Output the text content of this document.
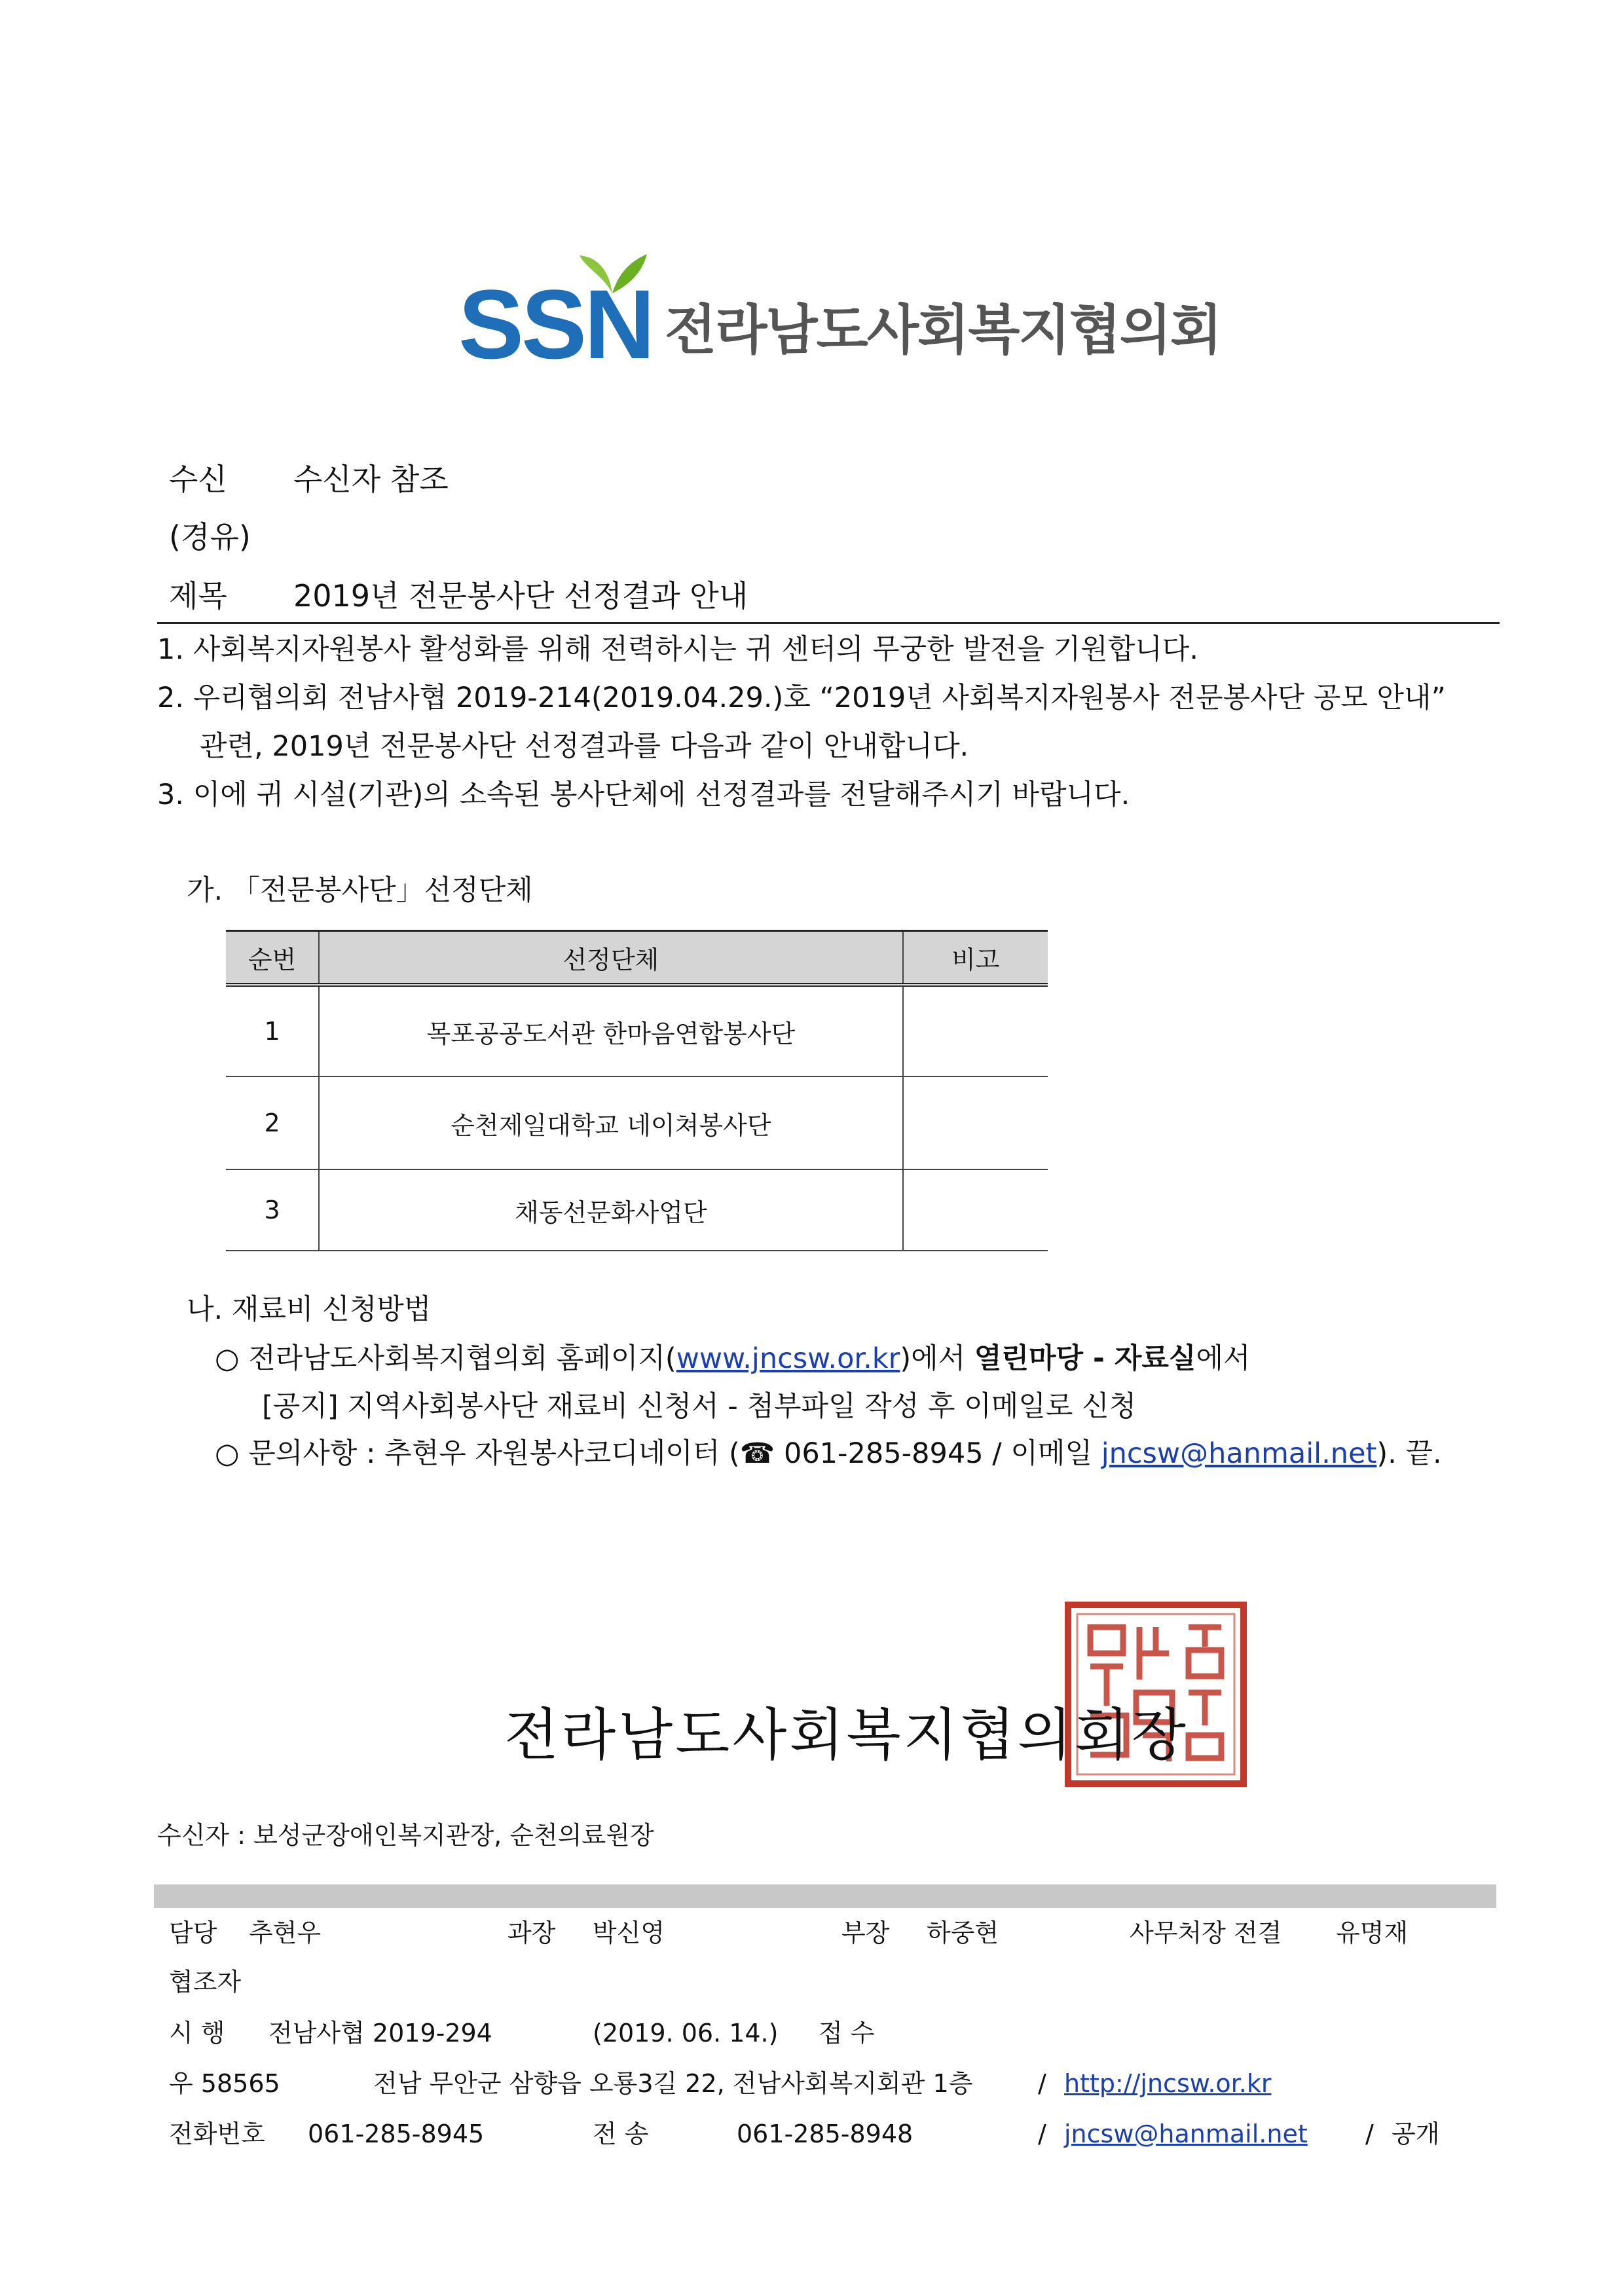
SSN 전라남도사회복지협의회
수신 수신자 참조
(경유)
제목 2019년 전문봉사단 선정결과 안내
1. 사회복지자원봉사 활성화를 위해 전력하시는 귀 센터의 무궁한 발전을 기원합니다.
2. 우리협의회 전남사협 2019-214(2019.04.29.)호 “2019년 사회복지자원봉사 전문봉사단 공모 안내”
관련, 2019년 전문봉사단 선정결과를 다음과 같이 안내합니다.
3. 이에 귀 시설(기관)의 소속된 봉사단체에 선정결과를 전달해주시기 바랍니다.
가. 「전문봉사단」선정단체
순번	선정단체	비고
1	목포공공도서관 한마음연합봉사단	
2	순천제일대학교 네이쳐봉사단	
3	채동선문화사업단	
나. 재료비 신청방법
○ 전라남도사회복지협의회 홈페이지(www.jncsw.or.kr)에서 열린마당 - 자료실에서
[공지] 지역사회봉사단 재료비 신청서 - 첨부파일 작성 후 이메일로 신청
○ 문의사항 : 추현우 자원봉사코디네이터 (☎ 061-285-8945 / 이메일 jncsw@hanmail.net). 끝.
전라남도사회복지협의회장
수신자 : 보성군장애인복지관장, 순천의료원장
담당 추현우	과장 박신영	부장 하중현	사무처장 전결 유명재
협조자
시 행 전남사협 2019-294	(2019. 06. 14.) 접 수
우 58565	전남 무안군 삼향읍 오룡3길 22, 전남사회복지회관 1층	/ http://jncsw.or.kr
전화번호 061-285-8945	전 송	061-285-8948	/ jncsw@hanmail.net / 공개
